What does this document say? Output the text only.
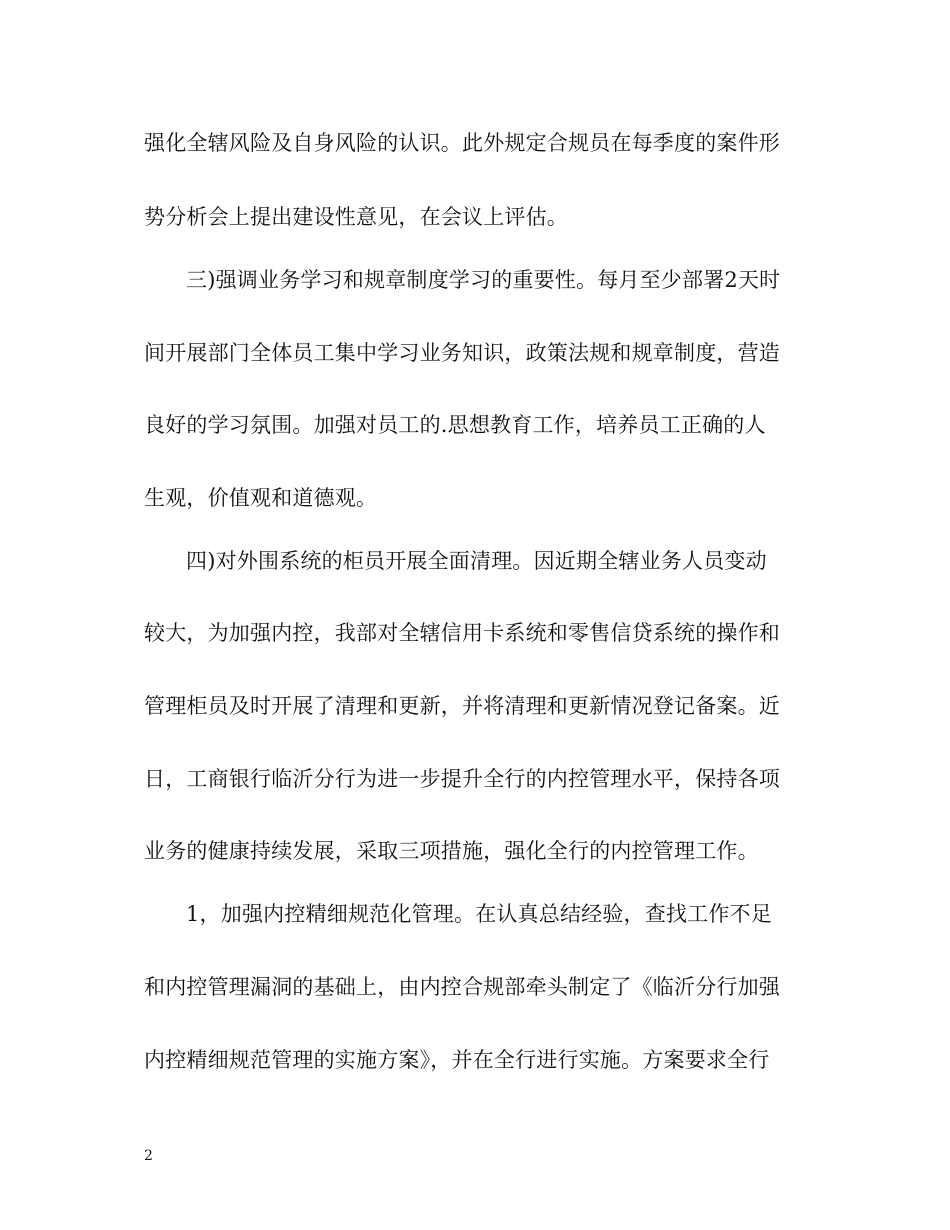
强化全辖风险及自身风险的认识。此外规定合规员在每季度的案件形
势分析会上提出建设性意见，在会议上评估。
三)强调业务学习和规章制度学习的重要性。每月至少部署2天时
间开展部门全体员工集中学习业务知识，政策法规和规章制度，营造
良好的学习氛围。加强对员工的.思想教育工作，培养员工正确的人
生观，价值观和道德观。
四)对外围系统的柜员开展全面清理。因近期全辖业务人员变动
较大，为加强内控，我部对全辖信用卡系统和零售信贷系统的操作和
管理柜员及时开展了清理和更新，并将清理和更新情况登记备案。近
日，工商银行临沂分行为进一步提升全行的内控管理水平，保持各项
业务的健康持续发展，采取三项措施，强化全行的内控管理工作。
1，加强内控精细规范化管理。在认真总结经验，查找工作不足
和内控管理漏洞的基础上，由内控合规部牵头制定了《临沂分行加强
内控精细规范管理的实施方案》，并在全行进行实施。方案要求全行
2
